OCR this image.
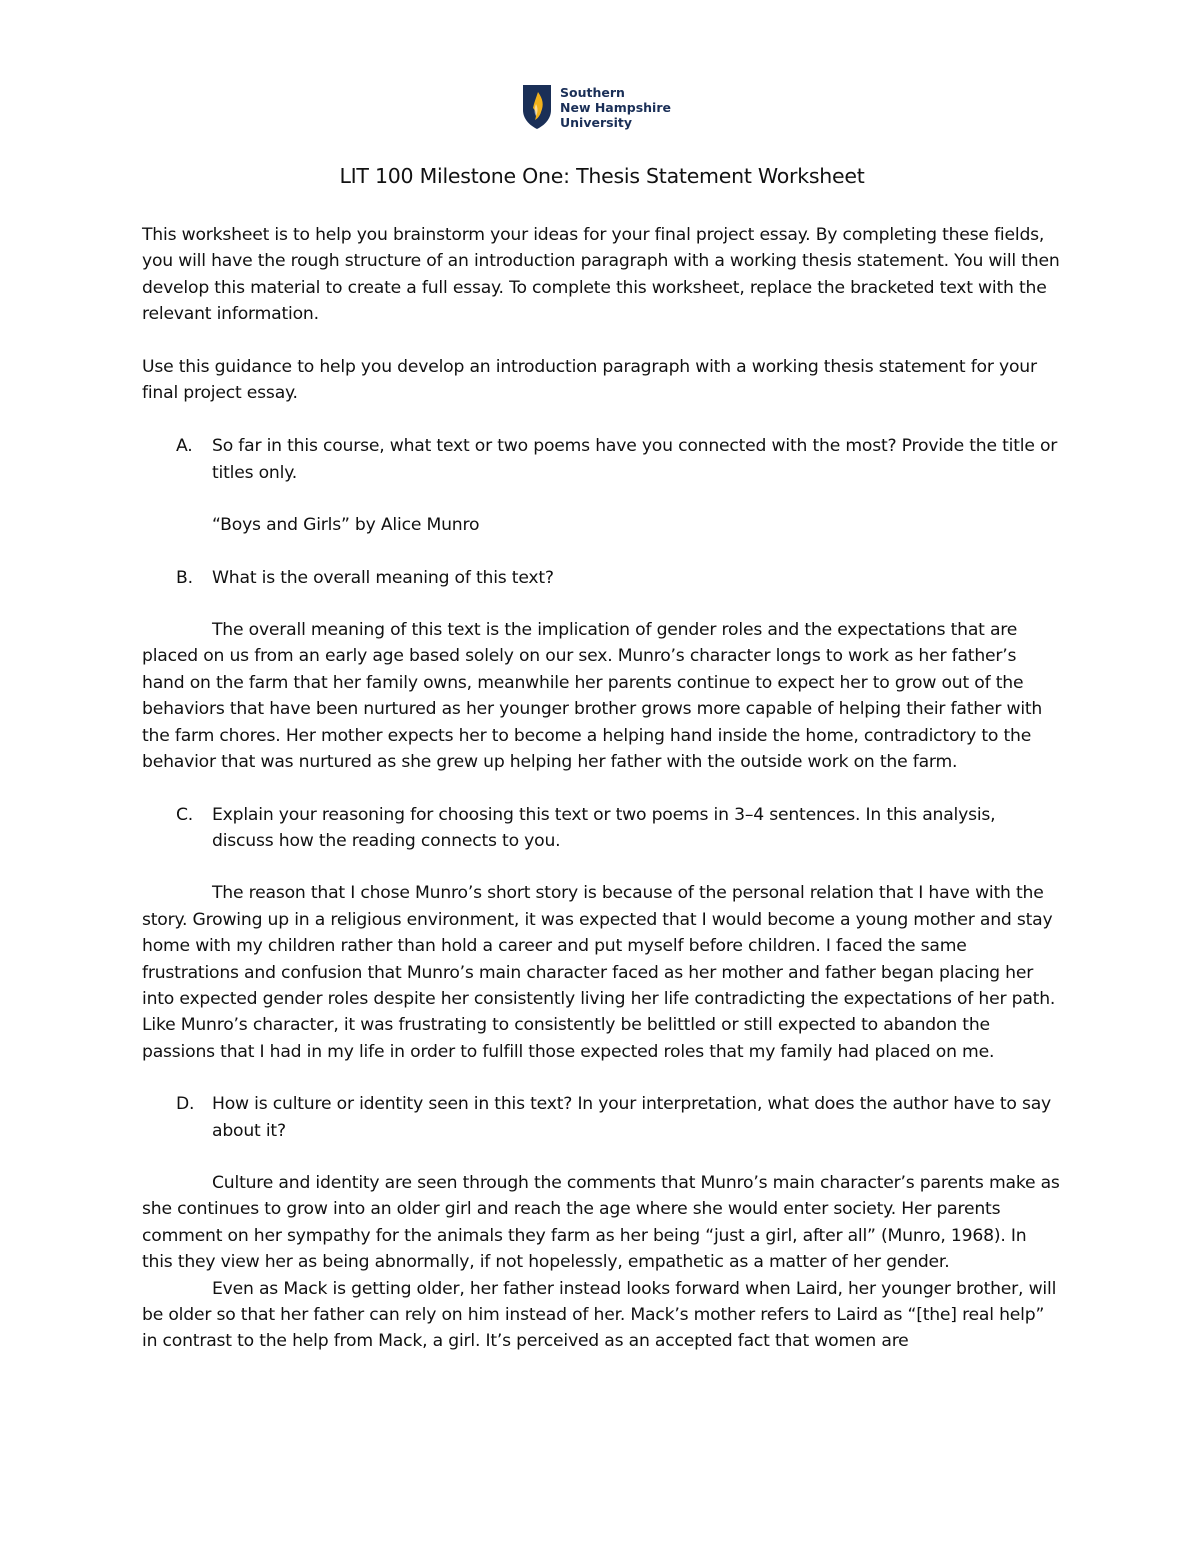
Southern
New Hampshire
University
LIT 100 Milestone One: Thesis Statement Worksheet

This worksheet is to help you brainstorm your ideas for your final project essay. By completing these fields, you will have the rough structure of an introduction paragraph with a working thesis statement. You will then develop this material to create a full essay. To complete this worksheet, replace the bracketed text with the relevant information.

Use this guidance to help you develop an introduction paragraph with a working thesis statement for your final project essay.

A.	So far in this course, what text or two poems have you connected with the most? Provide the title or titles only.
“Boys and Girls” by Alice Munro
B.	What is the overall meaning of this text?

The overall meaning of this text is the implication of gender roles and the expectations that are placed on us from an early age based solely on our sex. Munro’s character longs to work as her father’s hand on the farm that her family owns, meanwhile her parents continue to expect her to grow out of the behaviors that have been nurtured as her younger brother grows more capable of helping their father with the farm chores. Her mother expects her to become a helping hand inside the home, contradictory to the behavior that was nurtured as she grew up helping her father with the outside work on the farm.

C.	Explain your reasoning for choosing this text or two poems in 3–4 sentences. In this analysis, discuss how the reading connects to you.

The reason that I chose Munro’s short story is because of the personal relation that I have with the story. Growing up in a religious environment, it was expected that I would become a young mother and stay home with my children rather than hold a career and put myself before children. I faced the same frustrations and confusion that Munro’s main character faced as her mother and father began placing her into expected gender roles despite her consistently living her life contradicting the expectations of her path. Like Munro’s character, it was frustrating to consistently be belittled or still expected to abandon the passions that I had in my life in order to fulfill those expected roles that my family had placed on me.

D.	How is culture or identity seen in this text? In your interpretation, what does the author have to say about it?

Culture and identity are seen through the comments that Munro’s main character’s parents make as she continues to grow into an older girl and reach the age where she would enter society. Her parents comment on her sympathy for the animals they farm as her being “just a girl, after all” (Munro, 1968). In this they view her as being abnormally, if not hopelessly, empathetic as a matter of her gender.

Even as Mack is getting older, her father instead looks forward when Laird, her younger brother, will be older so that her father can rely on him instead of her. Mack’s mother refers to Laird as “[the] real help” in contrast to the help from Mack, a girl. It’s perceived as an accepted fact that women are
